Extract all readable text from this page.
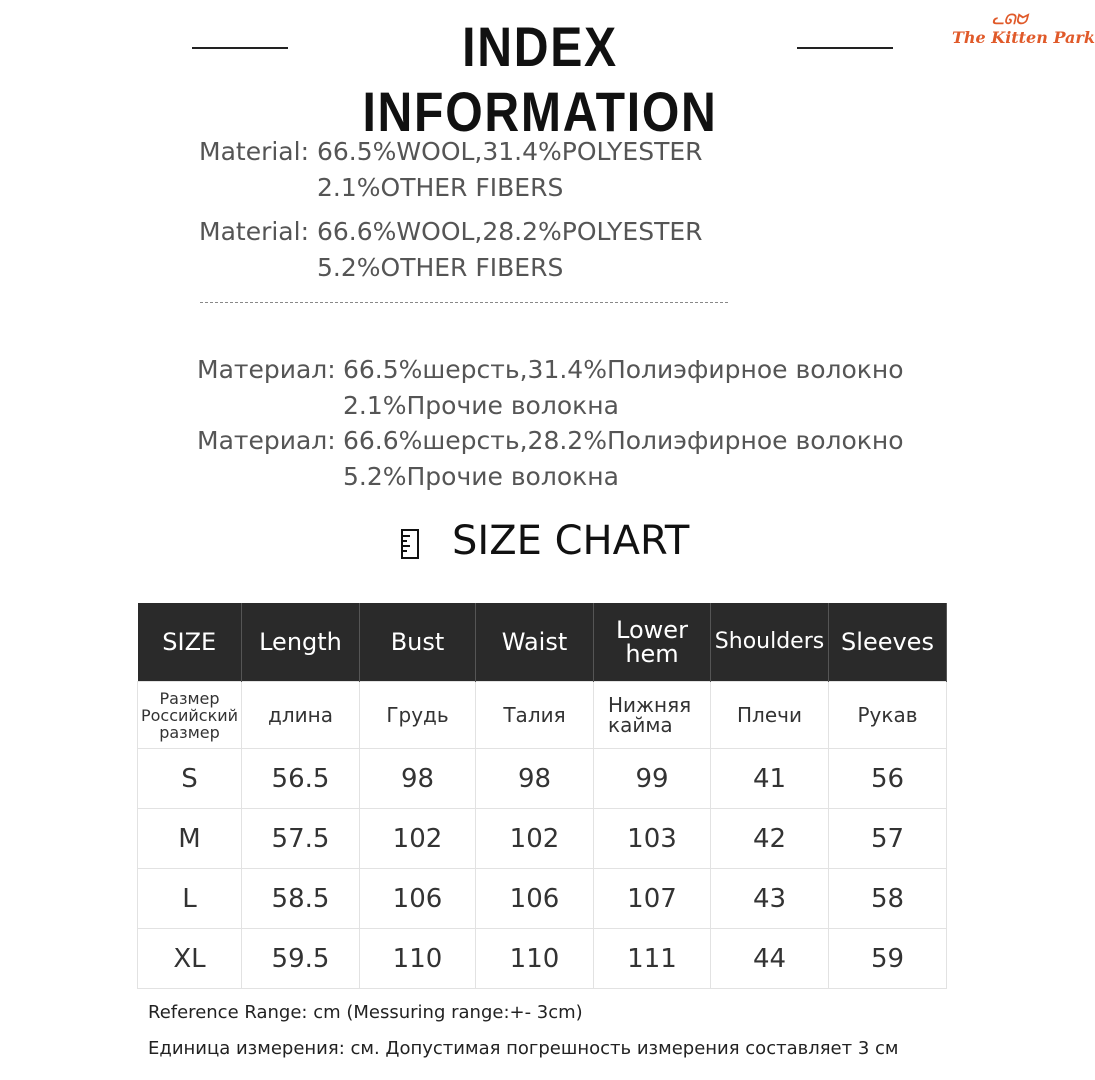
INDEX INFORMATION
ᓚᘏᗢ
The Kitten Park
Material: 66.5%WOOL,31.4%POLYESTER
2.1%OTHER FIBERS
Material: 66.6%WOOL,28.2%POLYESTER
5.2%OTHER FIBERS
Материал: 66.5%шерсть,31.4%Полиэфирное волокно
2.1%Прочие волокна
Материал: 66.6%шерсть,28.2%Полиэфирное волокно
5.2%Прочие волокна
SIZE CHART
SIZE	Length	Bust	Waist	Lower hem	Shoulders	Sleeves
Размер Российский размер	длина	Грудь	Талия	Нижняя кайма	Плечи	Рукав
S	56.5	98	98	99	41	56
M	57.5	102	102	103	42	57
L	58.5	106	106	107	43	58
XL	59.5	110	110	111	44	59
Reference Range: cm (Messuring range:+- 3cm)
Единица измерения: см. Допустимая погрешность измерения составляет 3 см
